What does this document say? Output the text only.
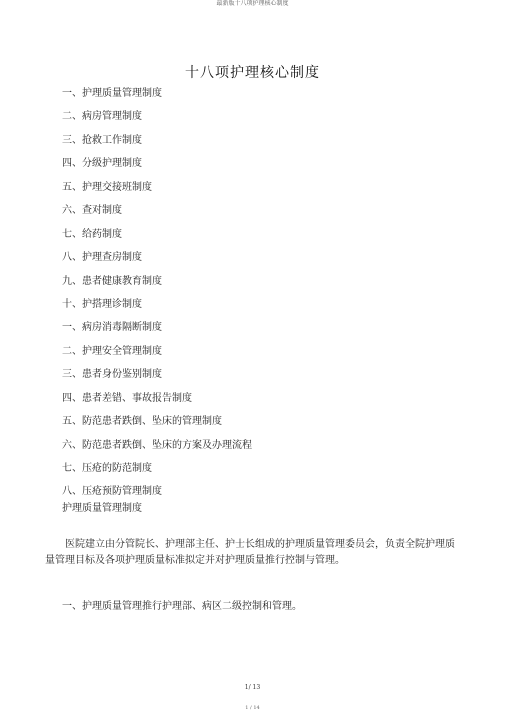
最新版十八项护理核心制度
十八项护理核心制度
一、护理质量管理制度
二、病房管理制度
三、抢救工作制度
四、分级护理制度
五、护理交接班制度
六、查对制度
七、给药制度
八、护理查房制度
九、患者健康教育制度
十、护搭理诊制度
一、病房消毒隔断制度
二、护理安全管理制度
三、患者身份鉴别制度
四、患者差错、事故报告制度
五、防范患者跌倒、坠床的管理制度
六、防范患者跌倒、坠床的方案及办理流程
七、压疮的防范制度
八、压疮预防管理制度
护理质量管理制度

医院建立由分管院长、护理部主任、护士长组成的护理质量管理委员会，负责全院护理质量管理目标及各项护理质量标准拟定并对护理质量推行控制与管理。

一、护理质量管理推行护理部、病区二级控制和管理。

1/ 13
1 / 14
